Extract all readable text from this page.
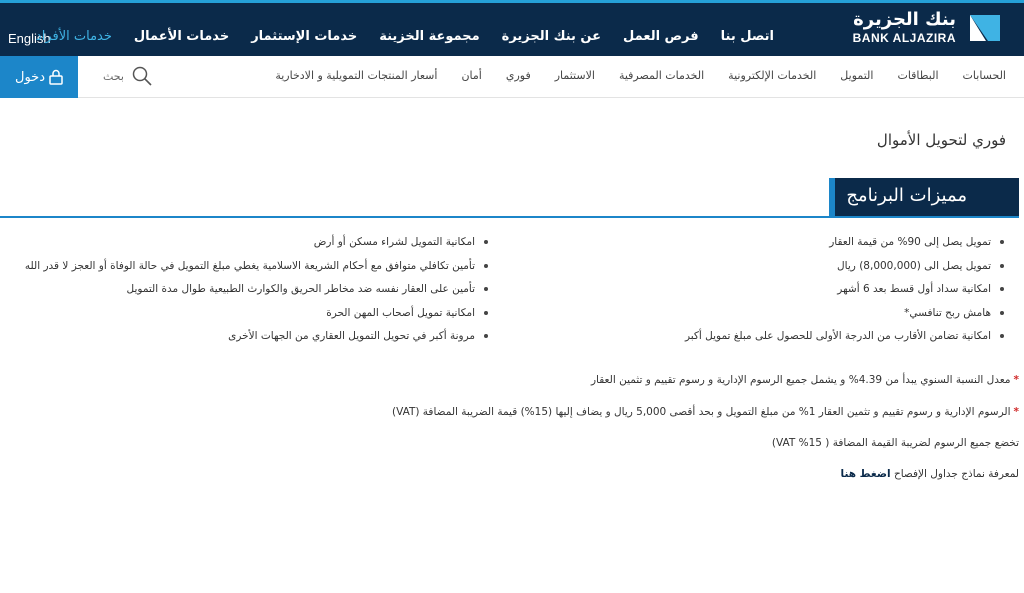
English
خدمات الأفراد خدمات الأعمال خدمات الإستثمار مجموعة الخزينة عن بنك الجزيرة فرص العمل اتصل بنا
بنك الجزيرة
BANK ALJAZIRA
دخول	بحث	الحسابات
البطاقات
التمويل
الخدمات الإلكترونية
الخدمات المصرفية
الاستثمار
فوري
أمان
أسعار المنتجات التمويلية و الادخارية
فوري لتحويل الأموال
مميزات البرنامج
تمويل يصل إلى 90% من قيمة العقار
تمويل يصل الى (8,000,000) ريال
امكانية سداد أول قسط بعد 6 أشهر
هامش ربح تنافسي*
امكانية تضامن الأقارب من الدرجة الأولى للحصول على مبلغ تمويل أكبر
امكانية التمويل لشراء مسكن أو أرض
تأمين تكافلي متوافق مع أحكام الشريعة الاسلامية يغطي مبلغ التمويل في حالة الوفاة أو العجز لا قدر الله
تأمين على العقار نفسه ضد مخاطر الحريق والكوارث الطبيعية طوال مدة التمويل
امكانية تمويل أصحاب المهن الحرة
مرونة أكبر في تحويل التمويل العقاري من الجهات الأخرى
*معدل النسبة السنوي يبدأ من 4.39% و يشمل جميع الرسوم الإدارية و رسوم تقييم و تثمين العقار
*الرسوم الإدارية و رسوم تقييم و تثمين العقار 1% من مبلغ التمويل و بحد أقصى 5,000 ريال و يضاف إليها (15%) قيمة الضريبة المضافة (VAT)
تخضع جميع الرسوم لضريبة القيمة المضافة ( 15% VAT)
لمعرفة نماذج جداول الإفصاح اضغط هنا
